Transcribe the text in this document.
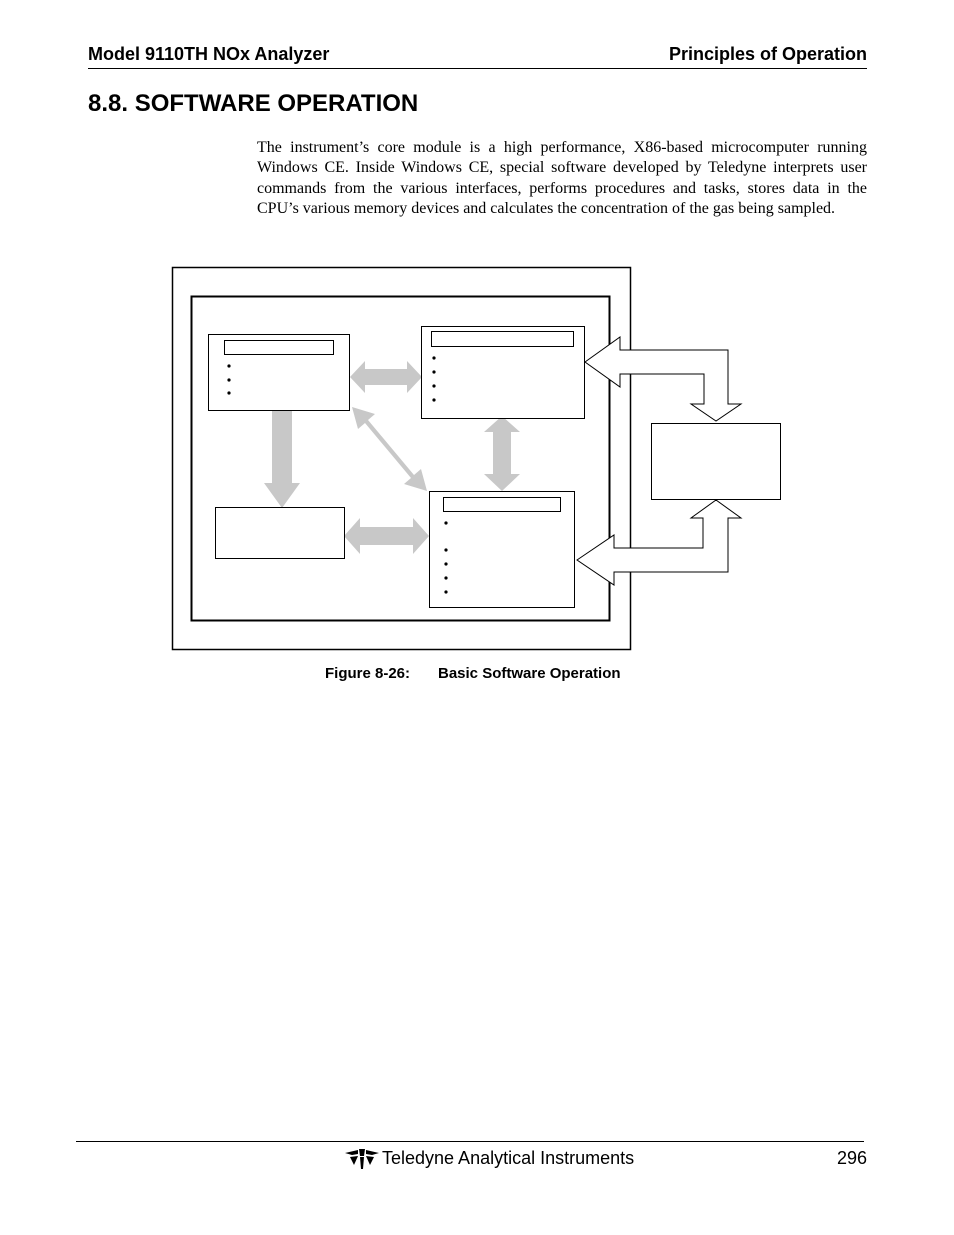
Model 9110TH NOx Analyzer	Principles of Operation
8.8. SOFTWARE OPERATION

The instrument’s core module is a high performance, X86-based microcomputer running Windows CE. Inside Windows CE, special software developed by Teledyne interprets user commands from the various interfaces, performs procedures and tasks, stores data in the CPU’s various memory devices and calculates the concentration of the gas being sampled.

Figure 8-26: Basic Software Operation
Teledyne Analytical Instruments	296
